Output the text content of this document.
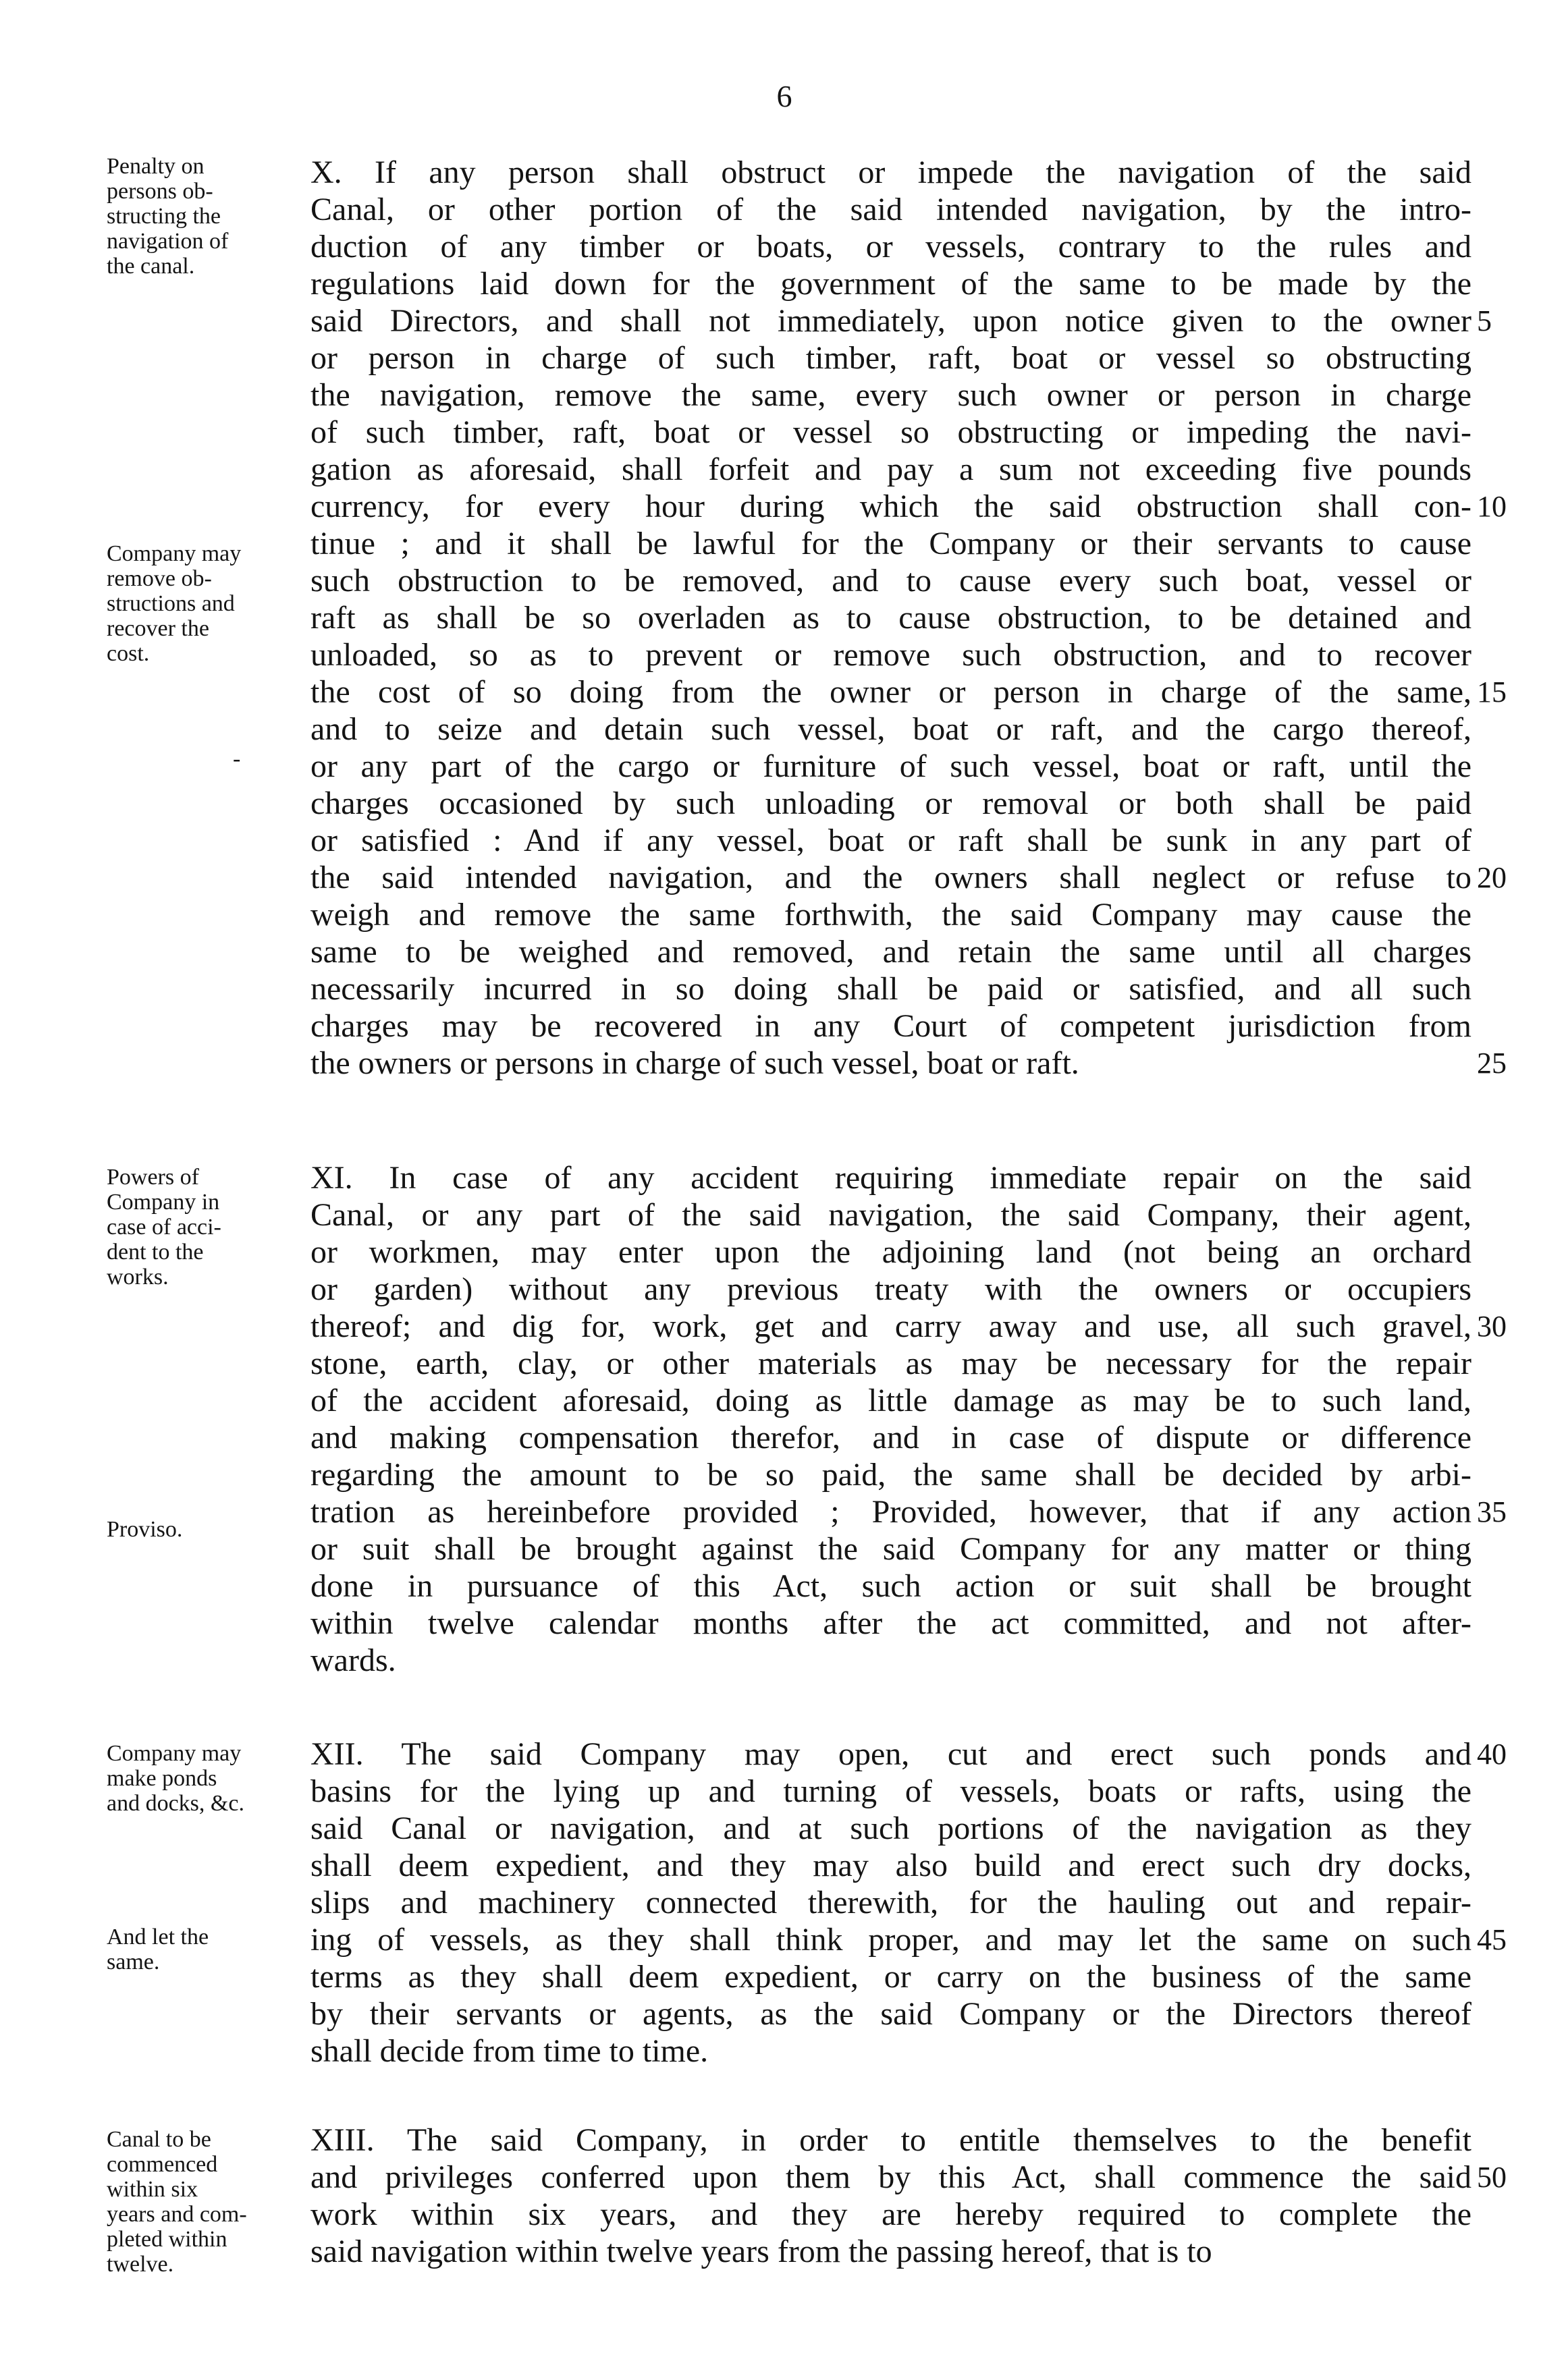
6
-
Penalty on
persons ob-
structing the
navigation of
the canal.
Company may
remove ob-
structions and
recover the
cost.
X. If any person shall obstruct or impede the navigation of the said
Canal, or other portion of the said intended navigation, by the intro-
duction of any timber or boats, or vessels, contrary to the rules and
regulations laid down for the government of the same to be made by the
said Directors, and shall not immediately, upon notice given to the owner 5
or person in charge of such timber, raft, boat or vessel so obstructing
the navigation, remove the same, every such owner or person in charge
of such timber, raft, boat or vessel so obstructing or impeding the navi-
gation as aforesaid, shall forfeit and pay a sum not exceeding five pounds
currency, for every hour during which the said obstruction shall con- 10
tinue ; and it shall be lawful for the Company or their servants to cause
such obstruction to be removed, and to cause every such boat, vessel or
raft as shall be so overladen as to cause obstruction, to be detained and
unloaded, so as to prevent or remove such obstruction, and to recover
the cost of so doing from the owner or person in charge of the same, 15
and to seize and detain such vessel, boat or raft, and the cargo thereof,
or any part of the cargo or furniture of such vessel, boat or raft, until the
charges occasioned by such unloading or removal or both shall be paid
or satisfied : And if any vessel, boat or raft shall be sunk in any part of
the said intended navigation, and the owners shall neglect or refuse to 20
weigh and remove the same forthwith, the said Company may cause the
same to be weighed and removed, and retain the same until all charges
necessarily incurred in so doing shall be paid or satisfied, and all such
charges may be recovered in any Court of competent jurisdiction from
the owners or persons in charge of such vessel, boat or raft.	25
Powers of
Company in
case of acci-
dent to the
works.
Proviso.
XI. In case of any accident requiring immediate repair on the said
Canal, or any part of the said navigation, the said Company, their agent,
or workmen, may enter upon the adjoining land (not being an orchard
or garden) without any previous treaty with the owners or occupiers
thereof; and dig for, work, get and carry away and use, all such gravel, 30
stone, earth, clay, or other materials as may be necessary for the repair
of the accident aforesaid, doing as little damage as may be to such land,
and making compensation therefor, and in case of dispute or difference
regarding the amount to be so paid, the same shall be decided by arbi-
tration as hereinbefore provided ; Provided, however, that if any action 35
or suit shall be brought against the said Company for any matter or thing
done in pursuance of this Act, such action or suit shall be brought
within twelve calendar months after the act committed, and not after-
wards.
Company may
make ponds
and docks, &c.
And let the
same.
XII. The said Company may open, cut and erect such ponds and 40
basins for the lying up and turning of vessels, boats or rafts, using the
said Canal or navigation, and at such portions of the navigation as they
shall deem expedient, and they may also build and erect such dry docks,
slips and machinery connected therewith, for the hauling out and repair-
ing of vessels, as they shall think proper, and may let the same on such 45
terms as they shall deem expedient, or carry on the business of the same
by their servants or agents, as the said Company or the Directors thereof
shall decide from time to time.
Canal to be
commenced
within six
years and com-
pleted within
twelve.
XIII. The said Company, in order to entitle themselves to the benefit
and privileges conferred upon them by this Act, shall commence the said 50
work within six years, and they are hereby required to complete the
said navigation within twelve years from the passing hereof, that is to
